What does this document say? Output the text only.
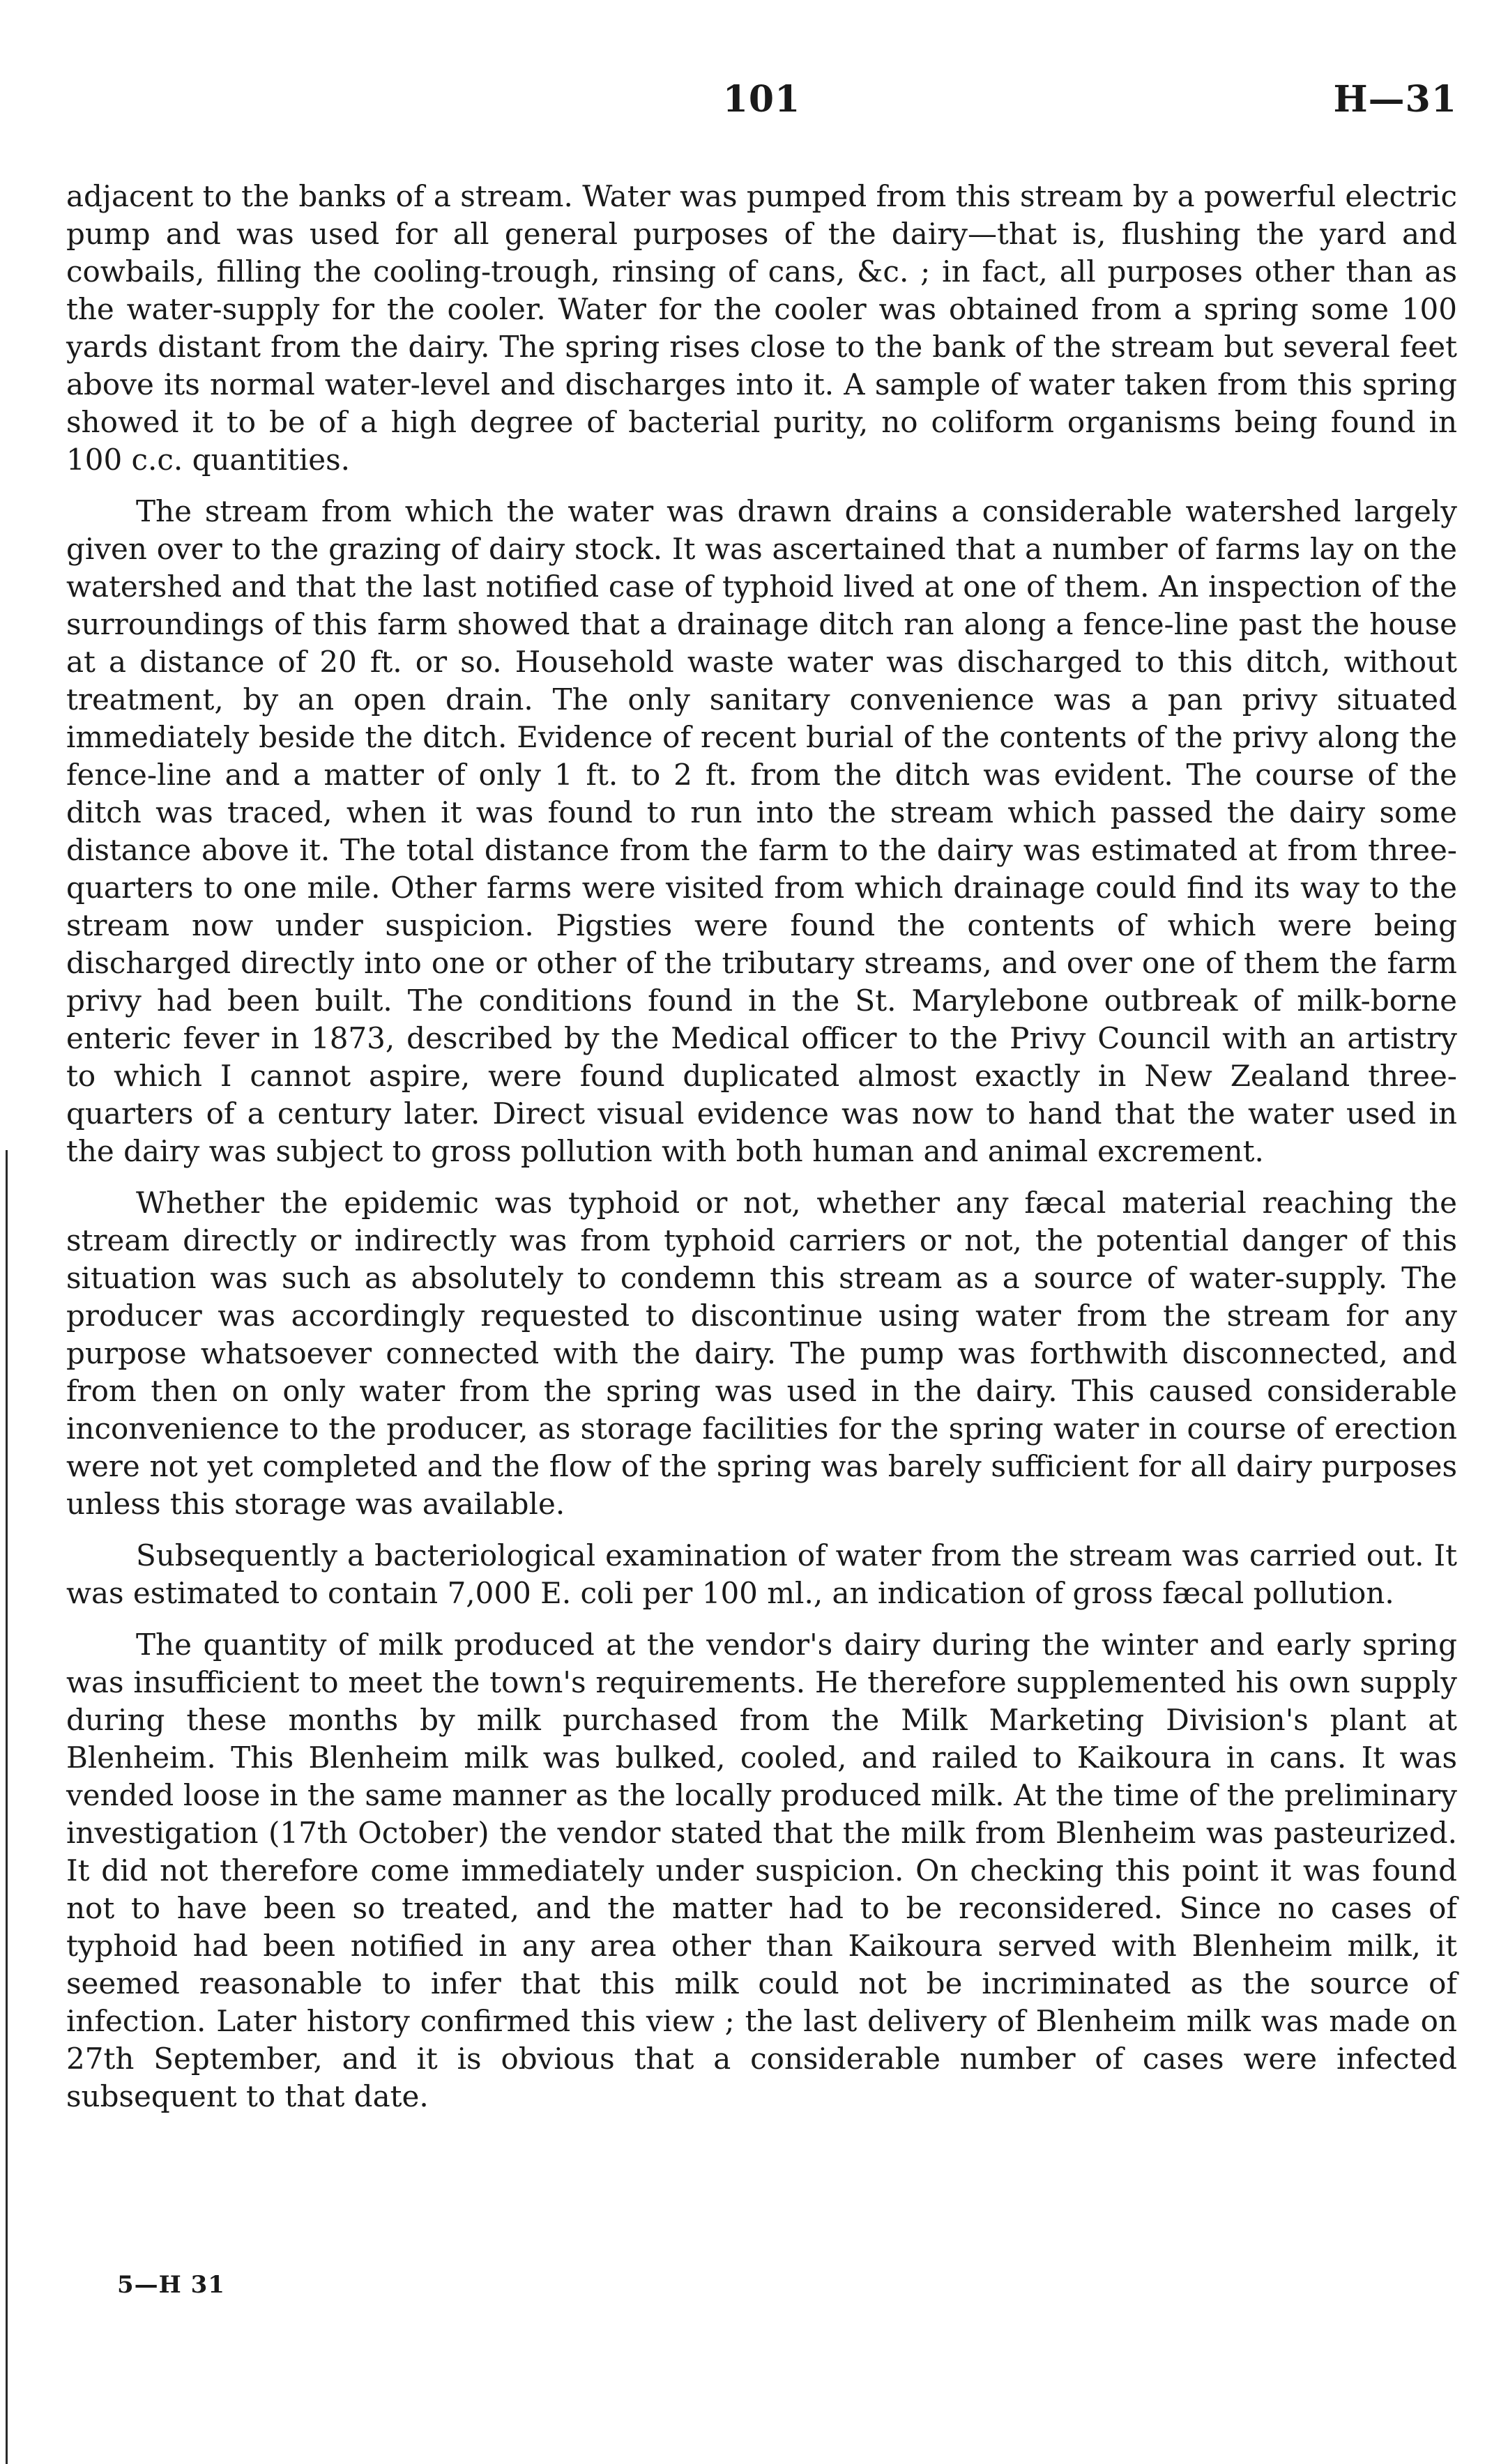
101	H—31

adjacent to the banks of a stream. Water was pumped from this stream by a powerful electric pump and was used for all general purposes of the dairy—that is, flushing the yard and cowbails, filling the cooling-trough, rinsing of cans, &c. ; in fact, all purposes other than as the water-supply for the cooler. Water for the cooler was obtained from a spring some 100 yards distant from the dairy. The spring rises close to the bank of the stream but several feet above its normal water-level and discharges into it. A sample of water taken from this spring showed it to be of a high degree of bacterial purity, no coliform organisms being found in 100 c.c. quantities.

The stream from which the water was drawn drains a considerable watershed largely given over to the grazing of dairy stock. It was ascertained that a number of farms lay on the watershed and that the last notified case of typhoid lived at one of them. An inspection of the surroundings of this farm showed that a drainage ditch ran along a fence-line past the house at a distance of 20 ft. or so. Household waste water was discharged to this ditch, without treatment, by an open drain. The only sanitary convenience was a pan privy situated immediately beside the ditch. Evidence of recent burial of the contents of the privy along the fence-line and a matter of only 1 ft. to 2 ft. from the ditch was evident. The course of the ditch was traced, when it was found to run into the stream which passed the dairy some distance above it. The total distance from the farm to the dairy was estimated at from three-quarters to one mile. Other farms were visited from which drainage could find its way to the stream now under suspicion. Pigsties were found the contents of which were being discharged directly into one or other of the tributary streams, and over one of them the farm privy had been built. The conditions found in the St. Marylebone outbreak of milk-borne enteric fever in 1873, described by the Medical officer to the Privy Council with an artistry to which I cannot aspire, were found duplicated almost exactly in New Zealand three-quarters of a century later. Direct visual evidence was now to hand that the water used in the dairy was subject to gross pollution with both human and animal excrement.

Whether the epidemic was typhoid or not, whether any fæcal material reaching the stream directly or indirectly was from typhoid carriers or not, the potential danger of this situation was such as absolutely to condemn this stream as a source of water-supply. The producer was accordingly requested to discontinue using water from the stream for any purpose whatsoever connected with the dairy. The pump was forthwith disconnected, and from then on only water from the spring was used in the dairy. This caused considerable inconvenience to the producer, as storage facilities for the spring water in course of erection were not yet completed and the flow of the spring was barely sufficient for all dairy purposes unless this storage was available.

Subsequently a bacteriological examination of water from the stream was carried out. It was estimated to contain 7,000 E. coli per 100 ml., an indication of gross fæcal pollution.

The quantity of milk produced at the vendor's dairy during the winter and early spring was insufficient to meet the town's requirements. He therefore supplemented his own supply during these months by milk purchased from the Milk Marketing Division's plant at Blenheim. This Blenheim milk was bulked, cooled, and railed to Kaikoura in cans. It was vended loose in the same manner as the locally produced milk. At the time of the preliminary investigation (17th October) the vendor stated that the milk from Blenheim was pasteurized. It did not therefore come immediately under suspicion. On checking this point it was found not to have been so treated, and the matter had to be reconsidered. Since no cases of typhoid had been notified in any area other than Kaikoura served with Blenheim milk, it seemed reasonable to infer that this milk could not be incriminated as the source of infection. Later history confirmed this view ; the last delivery of Blenheim milk was made on 27th September, and it is obvious that a considerable number of cases were infected subsequent to that date.

5—H 31
